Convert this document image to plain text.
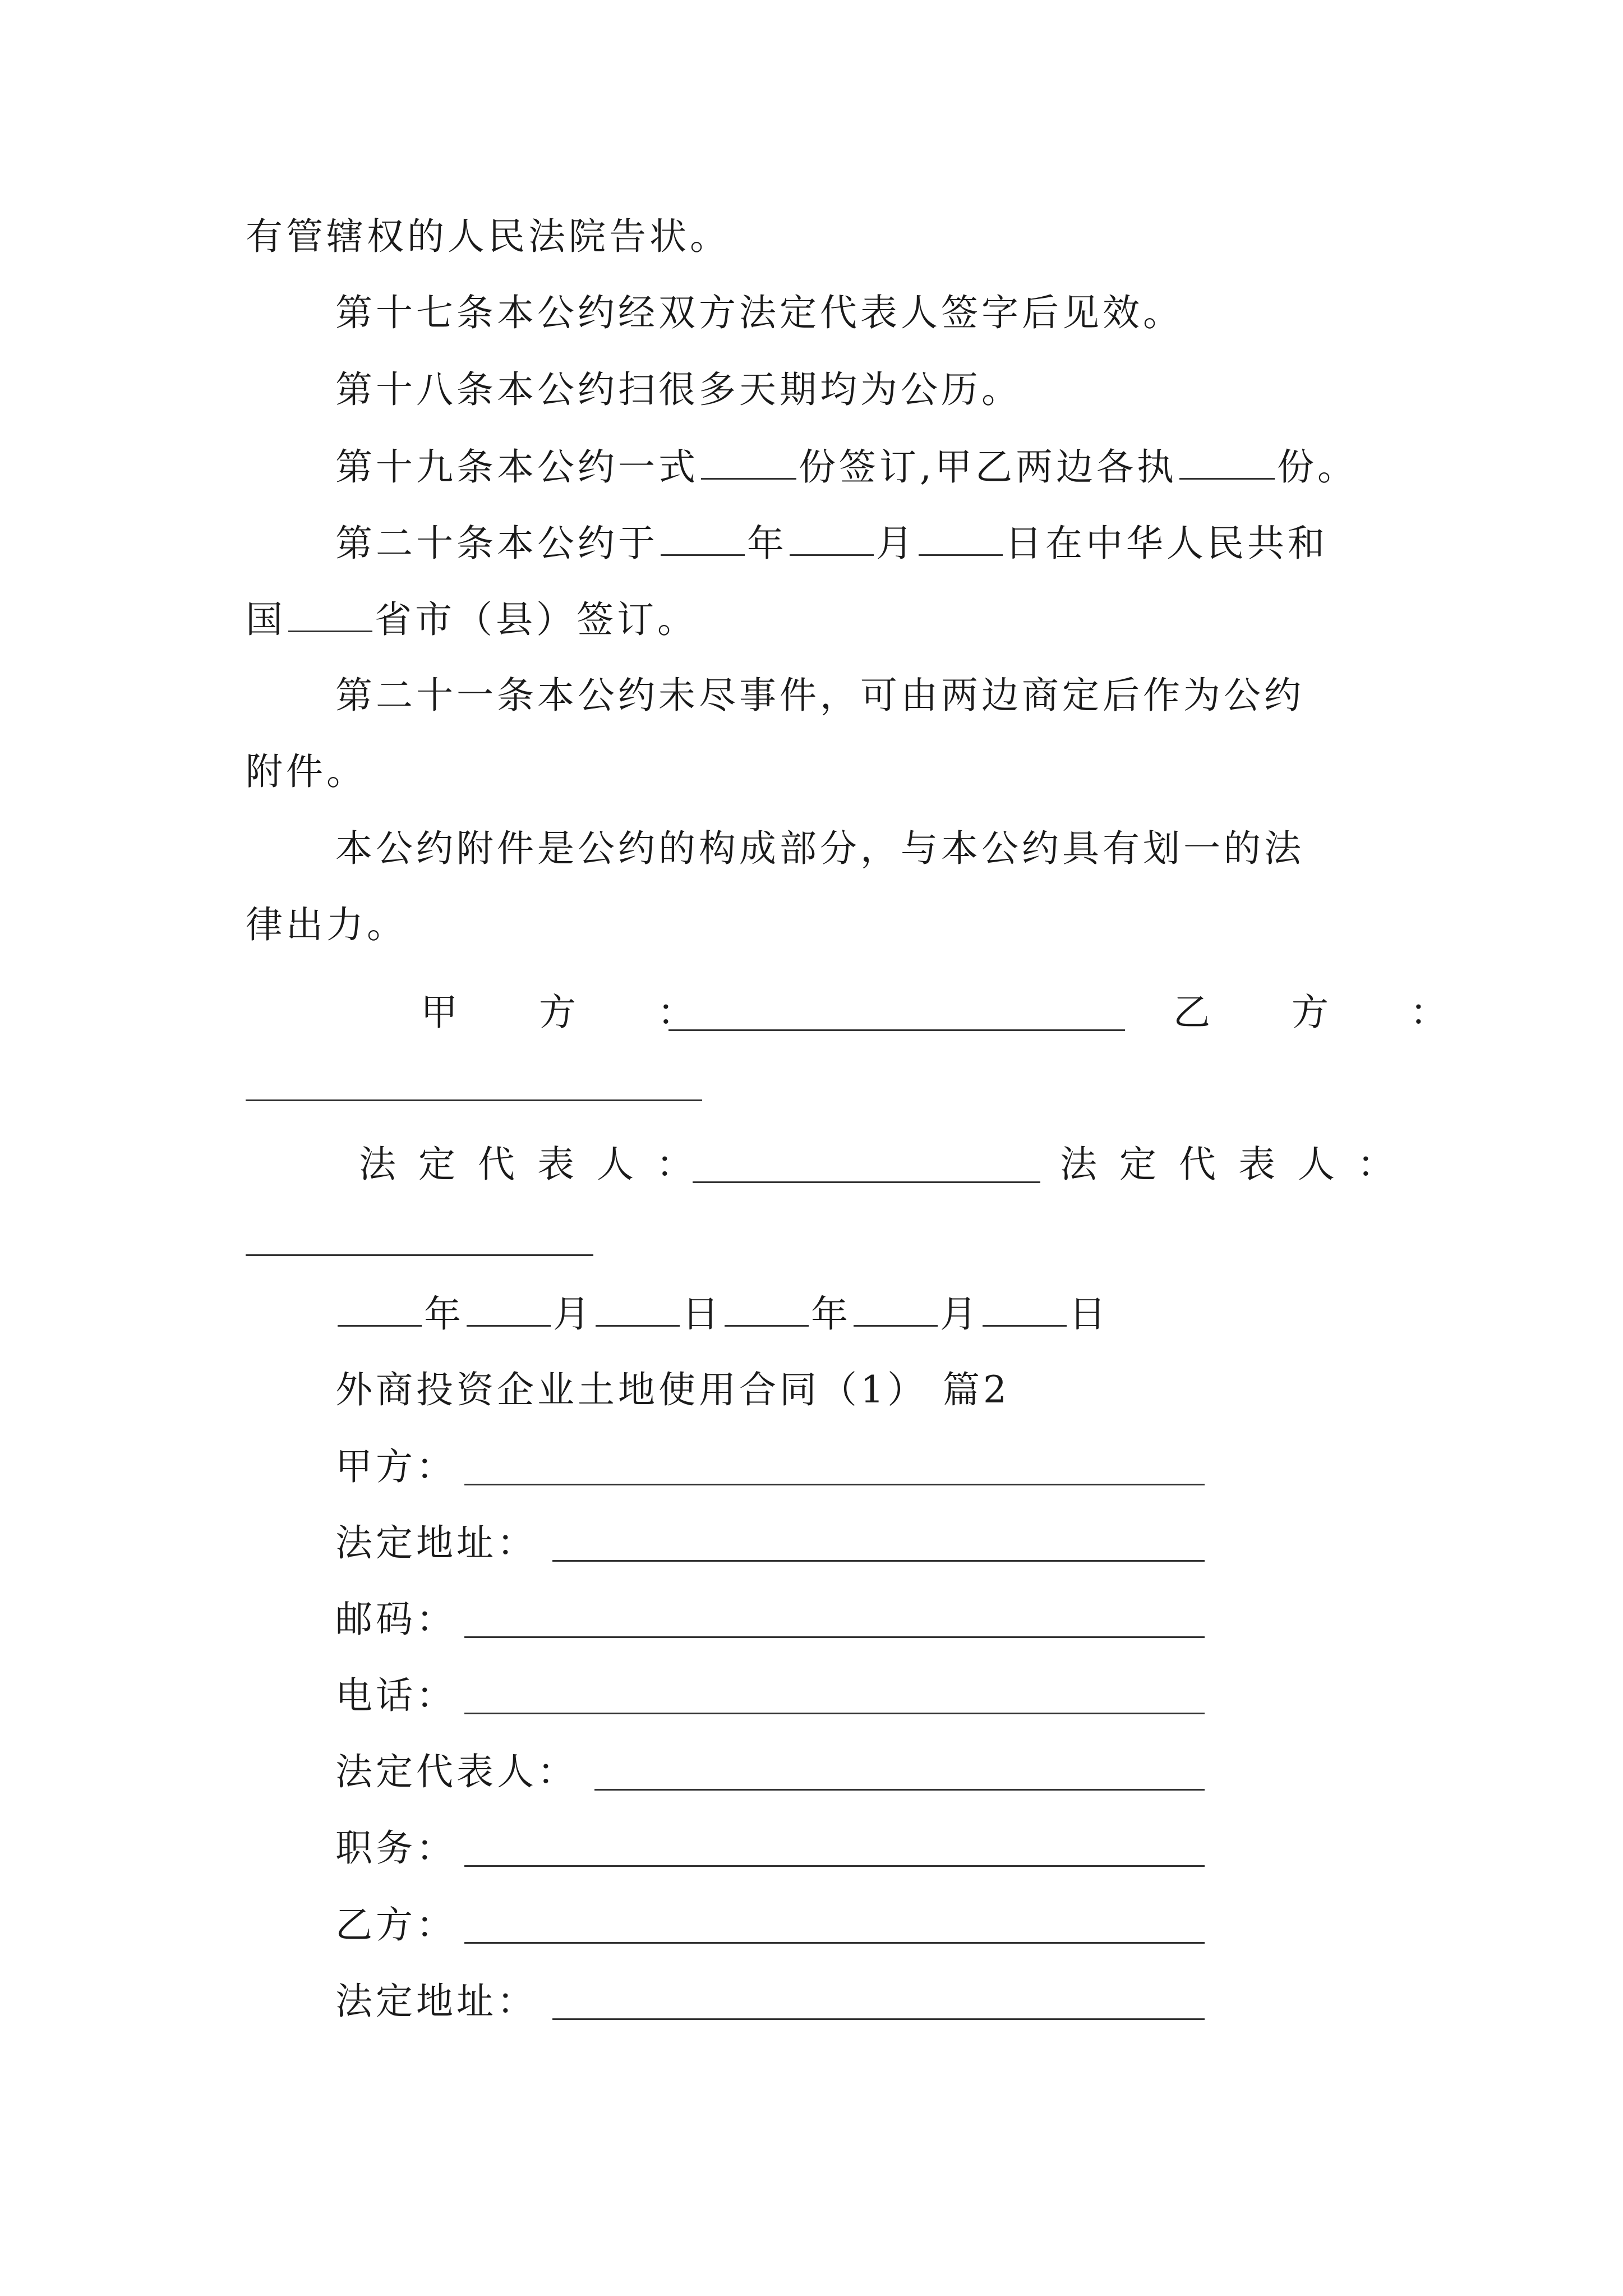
有管辖权的人民法院告状。
第十七条本公约经双方法定代表人签字后见效。
第十八条本公约扫很多天期均为公历。
第十九条本公约一式	份签订,甲乙两边各执	份。
第二十条本公约于 年 月 日在中华人民共和
国 省市（县）签订。
第二十一条本公约未尽事件，可由两边商定后作为公约
附件。
本公约附件是公约的构成部分，与本公约具有划一的法
律出力。
甲 方 ：	乙 方 ：
法定代表人：	法定代表人：
年 月 日 年 月 日
外商投资企业土地使用合同（1） 篇2
甲方：
法定地址：
邮码：
电话：
法定代表人：
职务：
乙方：
法定地址：
